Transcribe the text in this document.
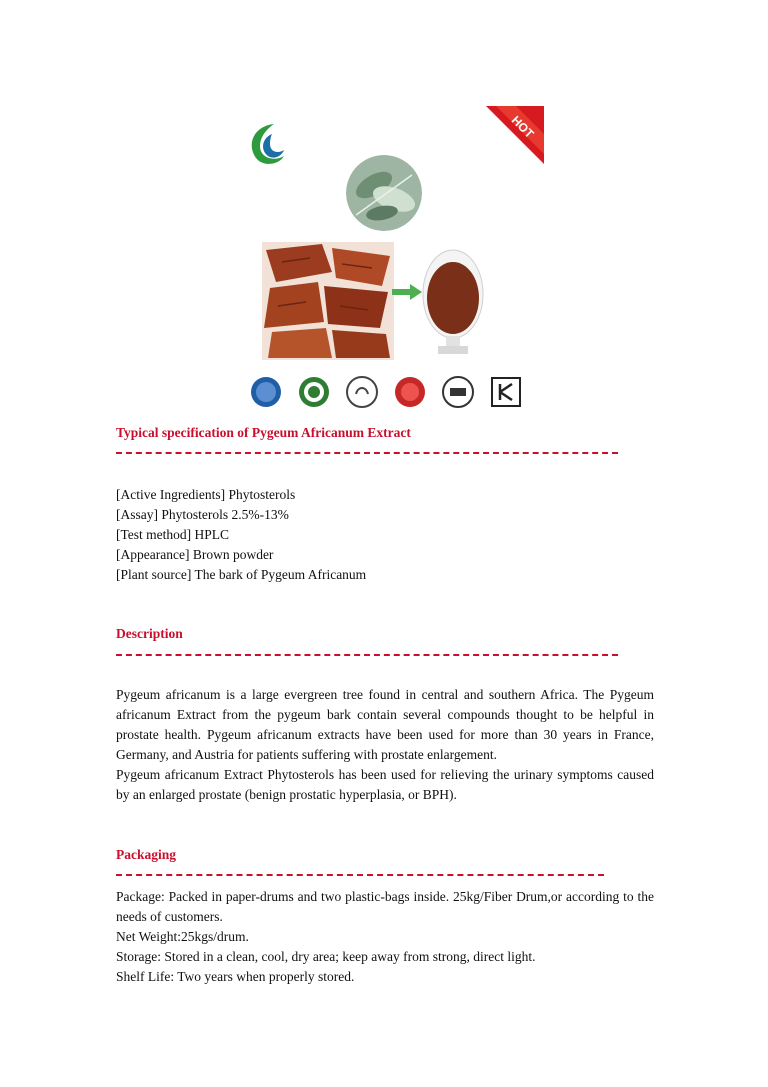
HOT
Typical specification of Pygeum Africanum Extract
[Active Ingredients] Phytosterols
[Assay] Phytosterols 2.5%-13%
[Test method] HPLC
[Appearance] Brown powder
[Plant source] The bark of Pygeum Africanum
Description
Pygeum africanum is a large evergreen tree found in central and southern Africa. The Pygeum africanum Extract from the pygeum bark contain several compounds thought to be helpful in prostate health. Pygeum africanum extracts have been used for more than 30 years in France, Germany, and Austria for patients suffering with prostate enlargement.
Pygeum africanum Extract Phytosterols has been used for relieving the urinary symptoms caused by an enlarged prostate (benign prostatic hyperplasia, or BPH).
Packaging
Package: Packed in paper-drums and two plastic-bags inside. 25kg/Fiber Drum,or according to the needs of customers.
Net Weight:25kgs/drum.
Storage: Stored in a clean, cool, dry area; keep away from strong, direct light.
Shelf Life: Two years when properly stored.
